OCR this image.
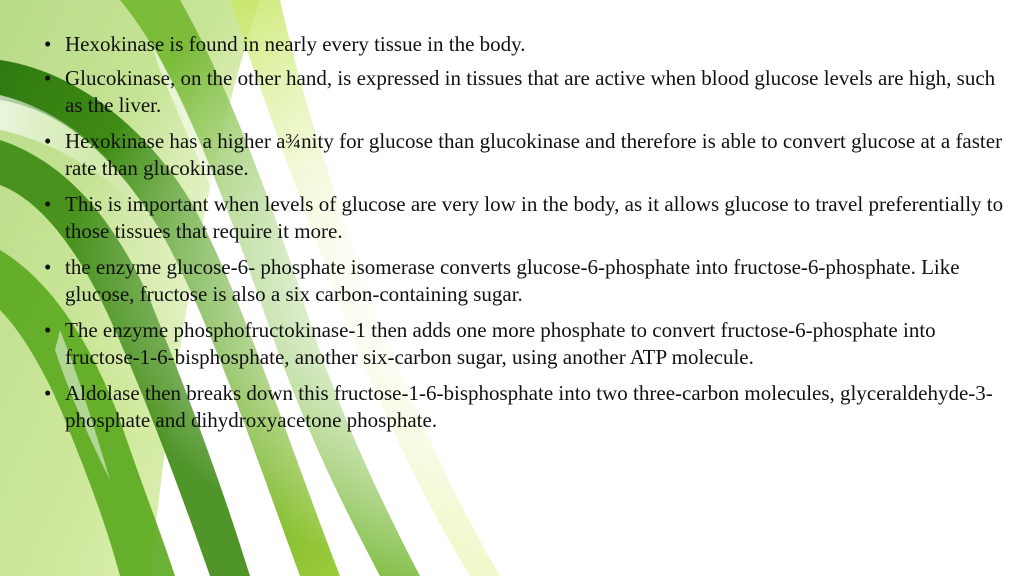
• Hexokinase is found in nearly every tissue in the body.
• Glucokinase, on the other hand, is expressed in tissues that are active when blood glucose levels are high, such as the liver.
• Hexokinase has a higher a¾nity for glucose than glucokinase and therefore is able to convert glucose at a faster rate than glucokinase.
• This is important when levels of glucose are very low in the body, as it allows glucose to travel preferentially to those tissues that require it more.
• the enzyme glucose-6- phosphate isomerase converts glucose-6-phosphate into fructose-6-phosphate. Like glucose, fructose is also a six carbon-containing sugar.
• The enzyme phosphofructokinase-1 then adds one more phosphate to convert fructose-6-phosphate into fructose-1-6-bisphosphate, another six-carbon sugar, using another ATP molecule.
• Aldolase then breaks down this fructose-1-6-bisphosphate into two three-carbon molecules, glyceraldehyde-3-phosphate and dihydroxyacetone phosphate.
